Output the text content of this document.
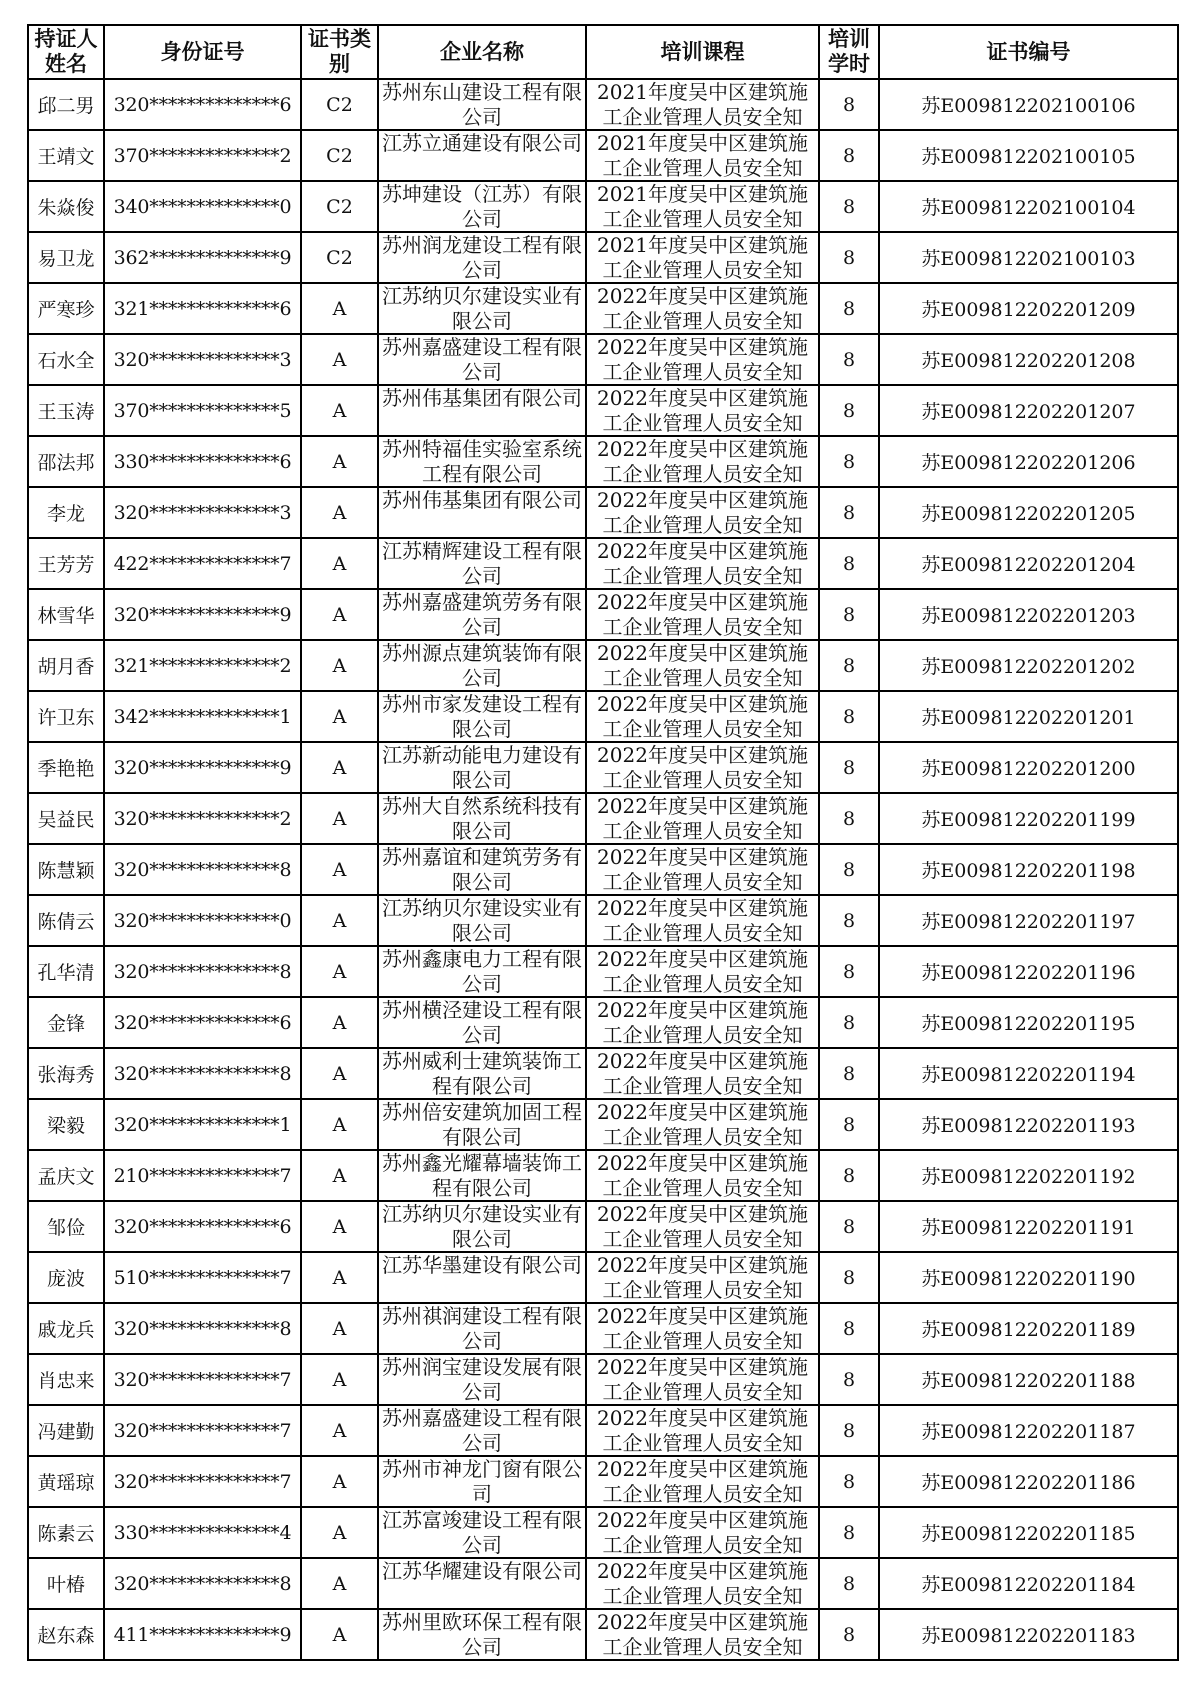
持证人姓名	身份证号	证书类别	企业名称	培训课程	培训学时	证书编号
邱二男	320**************6	C2	苏州东山建设工程有限公司	2021年度吴中区建筑施工企业管理人员安全知	8	苏E009812202100106
王靖文	370**************2	C2	江苏立通建设有限公司	2021年度吴中区建筑施工企业管理人员安全知	8	苏E009812202100105
朱焱俊	340**************0	C2	苏坤建设（江苏）有限公司	2021年度吴中区建筑施工企业管理人员安全知	8	苏E009812202100104
易卫龙	362**************9	C2	苏州润龙建设工程有限公司	2021年度吴中区建筑施工企业管理人员安全知	8	苏E009812202100103
严寒珍	321**************6	A	江苏纳贝尔建设实业有限公司	2022年度吴中区建筑施工企业管理人员安全知	8	苏E009812202201209
石水全	320**************3	A	苏州嘉盛建设工程有限公司	2022年度吴中区建筑施工企业管理人员安全知	8	苏E009812202201208
王玉涛	370**************5	A	苏州伟基集团有限公司	2022年度吴中区建筑施工企业管理人员安全知	8	苏E009812202201207
邵法邦	330**************6	A	苏州特福佳实验室系统工程有限公司	2022年度吴中区建筑施工企业管理人员安全知	8	苏E009812202201206
李龙	320**************3	A	苏州伟基集团有限公司	2022年度吴中区建筑施工企业管理人员安全知	8	苏E009812202201205
王芳芳	422**************7	A	江苏精辉建设工程有限公司	2022年度吴中区建筑施工企业管理人员安全知	8	苏E009812202201204
林雪华	320**************9	A	苏州嘉盛建筑劳务有限公司	2022年度吴中区建筑施工企业管理人员安全知	8	苏E009812202201203
胡月香	321**************2	A	苏州源点建筑装饰有限公司	2022年度吴中区建筑施工企业管理人员安全知	8	苏E009812202201202
许卫东	342**************1	A	苏州市家发建设工程有限公司	2022年度吴中区建筑施工企业管理人员安全知	8	苏E009812202201201
季艳艳	320**************9	A	江苏新动能电力建设有限公司	2022年度吴中区建筑施工企业管理人员安全知	8	苏E009812202201200
吴益民	320**************2	A	苏州大自然系统科技有限公司	2022年度吴中区建筑施工企业管理人员安全知	8	苏E009812202201199
陈慧颖	320**************8	A	苏州嘉谊和建筑劳务有限公司	2022年度吴中区建筑施工企业管理人员安全知	8	苏E009812202201198
陈倩云	320**************0	A	江苏纳贝尔建设实业有限公司	2022年度吴中区建筑施工企业管理人员安全知	8	苏E009812202201197
孔华清	320**************8	A	苏州鑫康电力工程有限公司	2022年度吴中区建筑施工企业管理人员安全知	8	苏E009812202201196
金锋	320**************6	A	苏州横泾建设工程有限公司	2022年度吴中区建筑施工企业管理人员安全知	8	苏E009812202201195
张海秀	320**************8	A	苏州威利士建筑装饰工程有限公司	2022年度吴中区建筑施工企业管理人员安全知	8	苏E009812202201194
梁毅	320**************1	A	苏州倍安建筑加固工程有限公司	2022年度吴中区建筑施工企业管理人员安全知	8	苏E009812202201193
孟庆文	210**************7	A	苏州鑫光耀幕墙装饰工程有限公司	2022年度吴中区建筑施工企业管理人员安全知	8	苏E009812202201192
邹俭	320**************6	A	江苏纳贝尔建设实业有限公司	2022年度吴中区建筑施工企业管理人员安全知	8	苏E009812202201191
庞波	510**************7	A	江苏华墨建设有限公司	2022年度吴中区建筑施工企业管理人员安全知	8	苏E009812202201190
戚龙兵	320**************8	A	苏州祺润建设工程有限公司	2022年度吴中区建筑施工企业管理人员安全知	8	苏E009812202201189
肖忠来	320**************7	A	苏州润宝建设发展有限公司	2022年度吴中区建筑施工企业管理人员安全知	8	苏E009812202201188
冯建勤	320**************7	A	苏州嘉盛建设工程有限公司	2022年度吴中区建筑施工企业管理人员安全知	8	苏E009812202201187
黄瑶琼	320**************7	A	苏州市神龙门窗有限公司	2022年度吴中区建筑施工企业管理人员安全知	8	苏E009812202201186
陈素云	330**************4	A	江苏富竣建设工程有限公司	2022年度吴中区建筑施工企业管理人员安全知	8	苏E009812202201185
叶椿	320**************8	A	江苏华耀建设有限公司	2022年度吴中区建筑施工企业管理人员安全知	8	苏E009812202201184
赵东森	411**************9	A	苏州里欧环保工程有限公司	2022年度吴中区建筑施工企业管理人员安全知	8	苏E009812202201183
